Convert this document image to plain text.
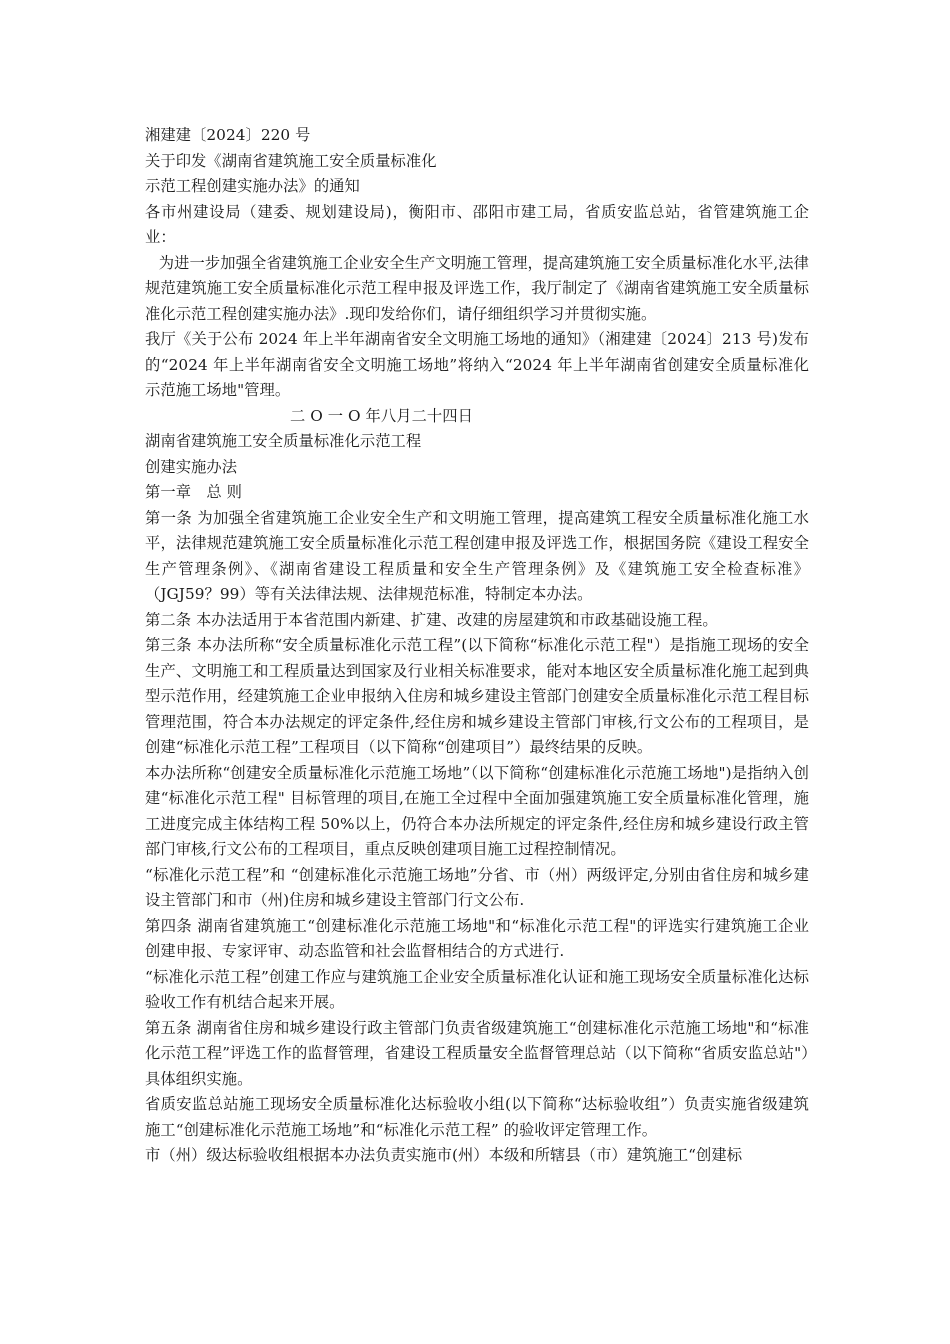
湘建建〔2024〕220 号

关于印发《湖南省建筑施工安全质量标准化

示范工程创建实施办法》的通知

各市州建设局（建委、规划建设局)，衡阳市、邵阳市建工局，省质安监总站，省管建筑施工企业：

为进一步加强全省建筑施工企业安全生产文明施工管理，提高建筑施工安全质量标准化水平,法律规范建筑施工安全质量标准化示范工程申报及评选工作，我厅制定了《湖南省建筑施工安全质量标准化示范工程创建实施办法》.现印发给你们，请仔细组织学习并贯彻实施。

我厅《关于公布 2024 年上半年湖南省安全文明施工场地的通知》（湘建建〔2024〕213 号)发布的“2024 年上半年湖南省安全文明施工场地”将纳入“2024 年上半年湖南省创建安全质量标准化示范施工场地"管理。

二 O 一 O 年八月二十四日

湖南省建筑施工安全质量标准化示范工程

创建实施办法

第一章　总 则

第一条 为加强全省建筑施工企业安全生产和文明施工管理，提高建筑工程安全质量标准化施工水平，法律规范建筑施工安全质量标准化示范工程创建申报及评选工作，根据国务院《建设工程安全生产管理条例》、《湖南省建设工程质量和安全生产管理条例》及《建筑施工安全检查标准》（JGJ59？99）等有关法律法规、法律规范标准，特制定本办法。

第二条 本办法适用于本省范围内新建、扩建、改建的房屋建筑和市政基础设施工程。

第三条 本办法所称“安全质量标准化示范工程”(以下简称“标准化示范工程"）是指施工现场的安全生产、文明施工和工程质量达到国家及行业相关标准要求，能对本地区安全质量标准化施工起到典型示范作用，经建筑施工企业申报纳入住房和城乡建设主管部门创建安全质量标准化示范工程目标管理范围，符合本办法规定的评定条件,经住房和城乡建设主管部门审核,行文公布的工程项目，是创建“标准化示范工程”工程项目（以下简称“创建项目”）最终结果的反映。

本办法所称“创建安全质量标准化示范施工场地”（以下简称“创建标准化示范施工场地")是指纳入创建“标准化示范工程" 目标管理的项目,在施工全过程中全面加强建筑施工安全质量标准化管理，施工进度完成主体结构工程 50%以上，仍符合本办法所规定的评定条件,经住房和城乡建设行政主管部门审核,行文公布的工程项目，重点反映创建项目施工过程控制情况。

“标准化示范工程”和 “创建标准化示范施工场地”分省、市（州）两级评定,分别由省住房和城乡建设主管部门和市（州)住房和城乡建设主管部门行文公布.

第四条 湖南省建筑施工“创建标准化示范施工场地"和“标准化示范工程"的评选实行建筑施工企业创建申报、专家评审、动态监管和社会监督相结合的方式进行.

“标准化示范工程”创建工作应与建筑施工企业安全质量标准化认证和施工现场安全质量标准化达标验收工作有机结合起来开展。

第五条 湖南省住房和城乡建设行政主管部门负责省级建筑施工“创建标准化示范施工场地"和“标准化示范工程”评选工作的监督管理，省建设工程质量安全监督管理总站（以下简称“省质安监总站"）具体组织实施。

省质安监总站施工现场安全质量标准化达标验收小组(以下简称“达标验收组”）负责实施省级建筑施工“创建标准化示范施工场地”和“标准化示范工程” 的验收评定管理工作。

市（州）级达标验收组根据本办法负责实施市(州）本级和所辖县（市）建筑施工“创建标
